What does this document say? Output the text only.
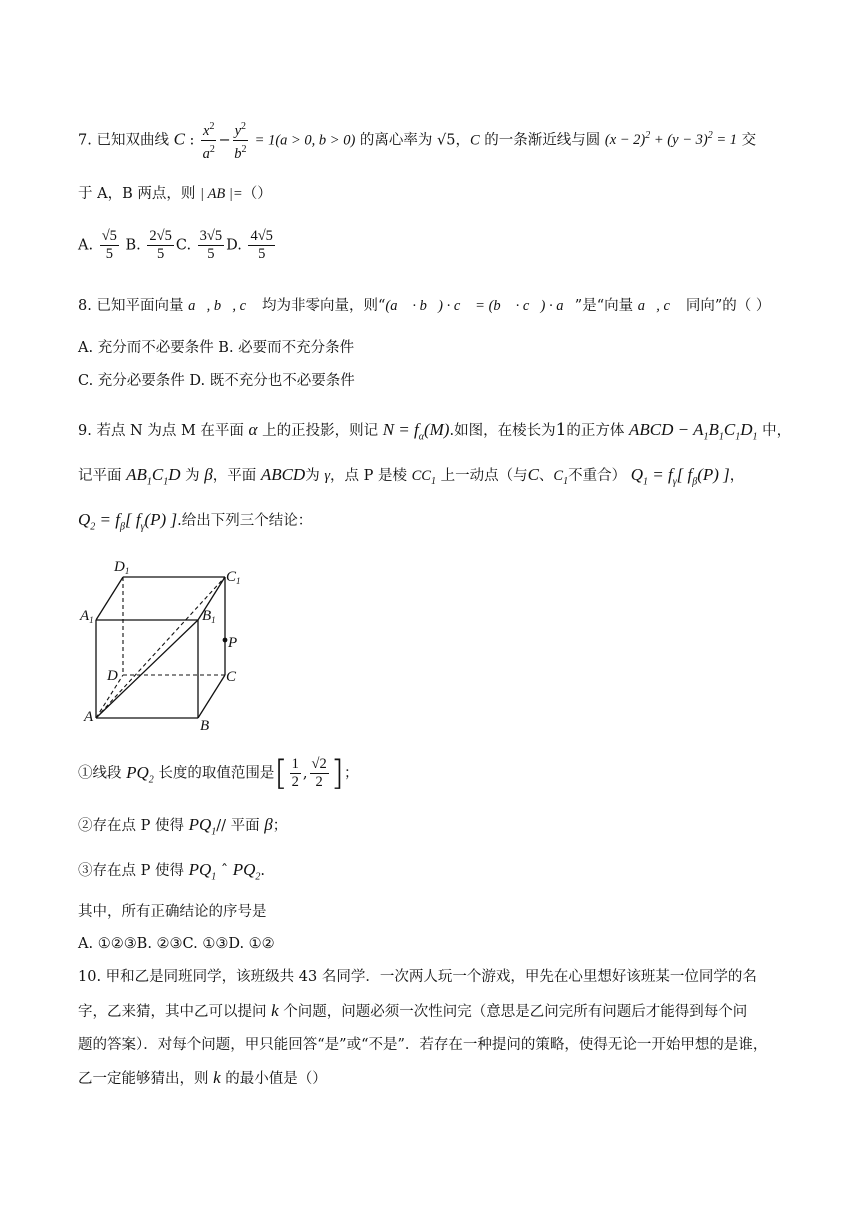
7. 已知双曲线 C : $\frac{x^2}{a^2} - \frac{y^2}{b^2} = 1(a > 0$, b > 0) 的离心率为 √5，C 的一条渐近线与圆 $(x - 2)^2 + (y - 3)^2 = 1$ 交
于 A，B 两点，则 | AB |=（）
A. $\frac{√5}{5} B$. $\frac{2√5}{5} C$. $\frac{3√5}{5} D$. $\frac{4√5}{5}$
8. 已知平面向量 a⃗, b⃗, c⃗ 均为非零向量，则“(a⃗ · b⃗) · c⃗ = (b⃗ · c⃗) · a⃗”是“向量 a⃗, c⃗ 同向”的（ ）
A. 充分而不必要条件 B. 必要而不充分条件
C. 充分必要条件 D. 既不充分也不必要条件
9. 若点 N 为点 M 在平面 α 上的正投影，则记 $N = f_\alpha(M)$.如图，在棱长为1的正方体 ABCD − $A_1B_1C_1D_1$ 中，
记平面 $AB_1C_1D$ 为 β，平面 ABCD为 γ，点 P 是棱 $CC_1$ 上一动点（与C、$C_1$不重合） $Q_1 = f_\gamma$[ $f_\beta(P)$ ]，
$Q_2 = f_\beta$[ $f_\gamma(P)$ ].给出下列三个结论：
$D_1$	$C_1$
$A_1$	$B_1$
P
D	C
A
B
①线段 $PQ_2$ 长度的取值范围是[ $\frac{1}{2}$ , $\frac{√2}{2}$ ]；
②存在点 P 使得 $PQ_1//$ 平面 β；
③存在点 P 使得 $PQ_1$ ˆ $PQ_2$.
其中，所有正确结论的序号是
A. ①②③B. ②③C. ①③D. ①②
10. 甲和乙是同班同学，该班级共 43 名同学．一次两人玩一个游戏，甲先在心里想好该班某一位同学的名
字，乙来猜，其中乙可以提问 k 个问题，问题必须一次性问完（意思是乙问完所有问题后才能得到每个问
题的答案）．对每个问题，甲只能回答“是”或“不是”．若存在一种提问的策略，使得无论一开始甲想的是谁，
乙一定能够猜出，则 k 的最小值是（）
